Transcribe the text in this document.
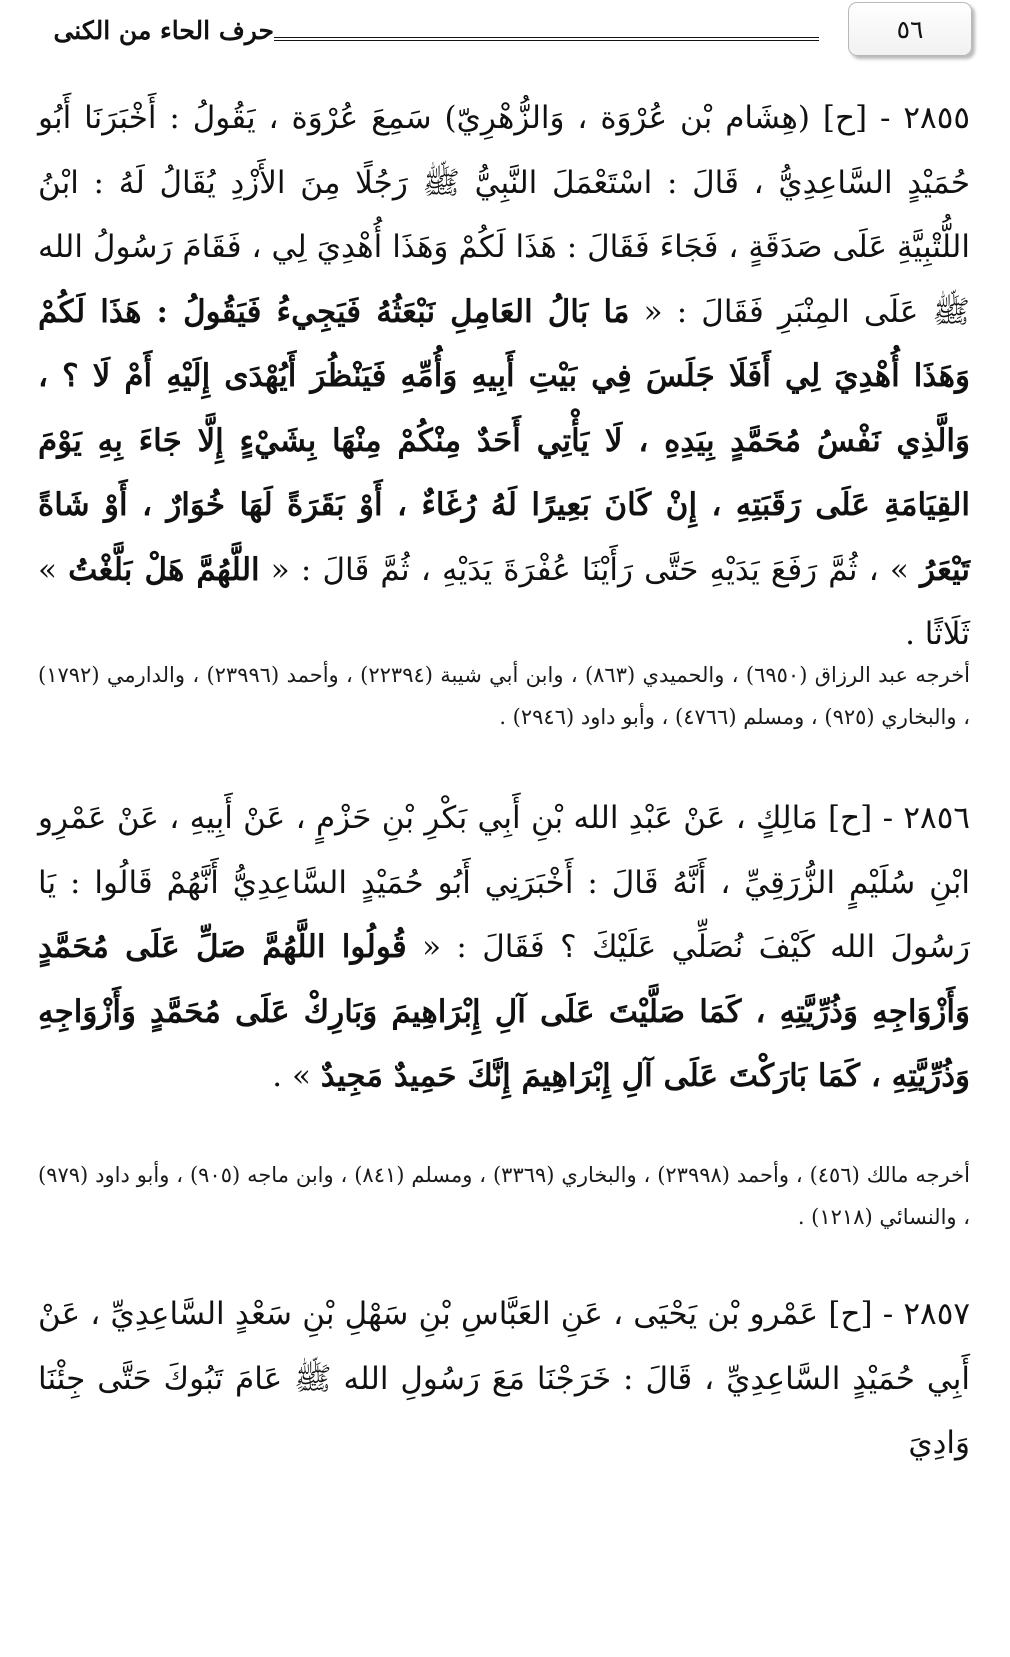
٥٦
حرف الحاء من الكنى

٢٨٥٥ - [ح] (هِشَام بْن عُرْوَة ، وَالزُّهْرِيّ) سَمِعَ عُرْوَة ، يَقُولُ : أَخْبَرَنَا أَبُو حُمَيْدٍ السَّاعِدِيُّ ، قَالَ : اسْتَعْمَلَ النَّبِيُّ ﷺ رَجُلًا مِنَ الأَزْدِ يُقَالُ لَهُ : ابْنُ اللُّتْبِيَّةِ عَلَى صَدَقَةٍ ، فَجَاءَ فَقَالَ : هَذَا لَكُمْ وَهَذَا أُهْدِيَ لِي ، فَقَامَ رَسُولُ الله ﷺ عَلَى المِنْبَرِ فَقَالَ : « مَا بَالُ العَامِلِ نَبْعَثُهُ فَيَجِيءُ فَيَقُولُ : هَذَا لَكُمْ وَهَذَا أُهْدِيَ لِي أَفَلَا جَلَسَ فِي بَيْتِ أَبِيهِ وَأُمِّهِ فَيَنْظُرَ أَيُهْدَى إِلَيْهِ أَمْ لَا ؟ ، وَالَّذِي نَفْسُ مُحَمَّدٍ بِيَدِهِ ، لَا يَأْتِي أَحَدٌ مِنْكُمْ مِنْهَا بِشَيْءٍ إِلَّا جَاءَ بِهِ يَوْمَ القِيَامَةِ عَلَى رَقَبَتِهِ ، إِنْ كَانَ بَعِيرًا لَهُ رُغَاءٌ ، أَوْ بَقَرَةً لَهَا خُوَارٌ ، أَوْ شَاةً تَيْعَرُ » ، ثُمَّ رَفَعَ يَدَيْهِ حَتَّى رَأَيْنَا عُفْرَةَ يَدَيْهِ ، ثُمَّ قَالَ : « اللَّهُمَّ هَلْ بَلَّغْتُ » ثَلَاثًا .

أخرجه عبد الرزاق (٦٩٥٠) ، والحميدي (٨٦٣) ، وابن أبي شيبة (٢٢٣٩٤) ، وأحمد (٢٣٩٩٦) ، والدارمي (١٧٩٢) ، والبخاري (٩٢٥) ، ومسلم (٤٧٦٦) ، وأبو داود (٢٩٤٦) .

٢٨٥٦ - [ح] مَالِكٍ ، عَنْ عَبْدِ الله بْنِ أَبِي بَكْرِ بْنِ حَزْمٍ ، عَنْ أَبِيهِ ، عَنْ عَمْرِو ابْنِ سُلَيْمٍ الزُّرَقِيِّ ، أَنَّهُ قَالَ : أَخْبَرَنِي أَبُو حُمَيْدٍ السَّاعِدِيُّ أَنَّهُمْ قَالُوا : يَا رَسُولَ الله كَيْفَ نُصَلِّي عَلَيْكَ ؟ فَقَالَ : « قُولُوا اللَّهُمَّ صَلِّ عَلَى مُحَمَّدٍ وَأَزْوَاجِهِ وَذُرِّيَّتِهِ ، كَمَا صَلَّيْتَ عَلَى آلِ إِبْرَاهِيمَ وَبَارِكْ عَلَى مُحَمَّدٍ وَأَزْوَاجِهِ وَذُرِّيَّتِهِ ، كَمَا بَارَكْتَ عَلَى آلِ إِبْرَاهِيمَ إِنَّكَ حَمِيدٌ مَجِيدٌ » .

أخرجه مالك (٤٥٦) ، وأحمد (٢٣٩٩٨) ، والبخاري (٣٣٦٩) ، ومسلم (٨٤١) ، وابن ماجه (٩٠٥) ، وأبو داود (٩٧٩) ، والنسائي (١٢١٨) .

٢٨٥٧ - [ح] عَمْرو بْن يَحْيَى ، عَنِ العَبَّاسِ بْنِ سَهْلِ بْنِ سَعْدٍ السَّاعِدِيِّ ، عَنْ أَبِي حُمَيْدٍ السَّاعِدِيِّ ، قَالَ : خَرَجْنَا مَعَ رَسُولِ الله ﷺ عَامَ تَبُوكَ حَتَّى جِئْنَا وَادِيَ
